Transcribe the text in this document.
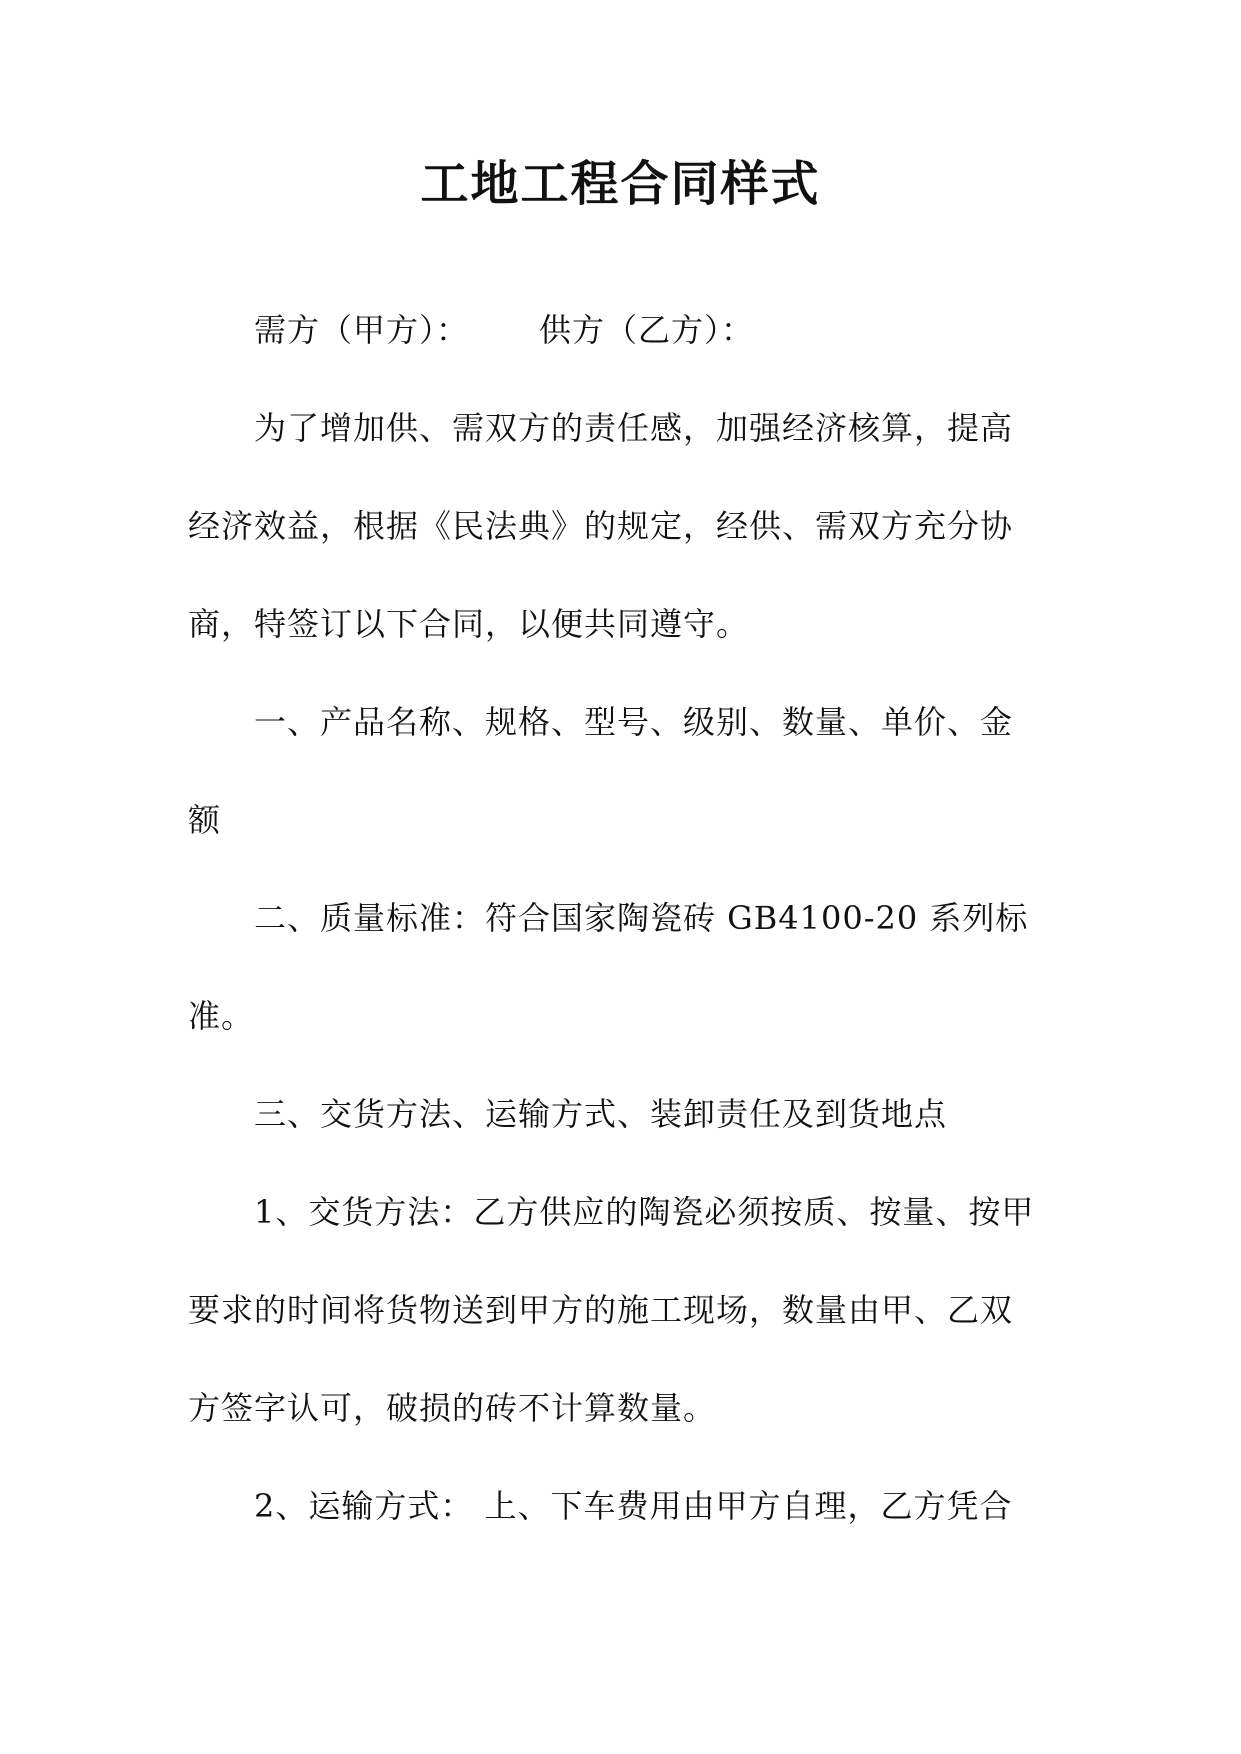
工地工程合同样式
需方（甲方）： 供方（乙方）：
为了增加供、需双方的责任感，加强经济核算，提高
经济效益，根据《民法典》的规定，经供、需双方充分协
商，特签订以下合同，以便共同遵守。
一、产品名称、规格、型号、级别、数量、单价、金
额
二、质量标准：符合国家陶瓷砖 GB4100-20 系列标
准。
三、交货方法、运输方式、装卸责任及到货地点
1、交货方法：乙方供应的陶瓷必须按质、按量、按甲
要求的时间将货物送到甲方的施工现场，数量由甲、乙双
方签字认可，破损的砖不计算数量。
2、运输方式： 上、下车费用由甲方自理，乙方凭合
